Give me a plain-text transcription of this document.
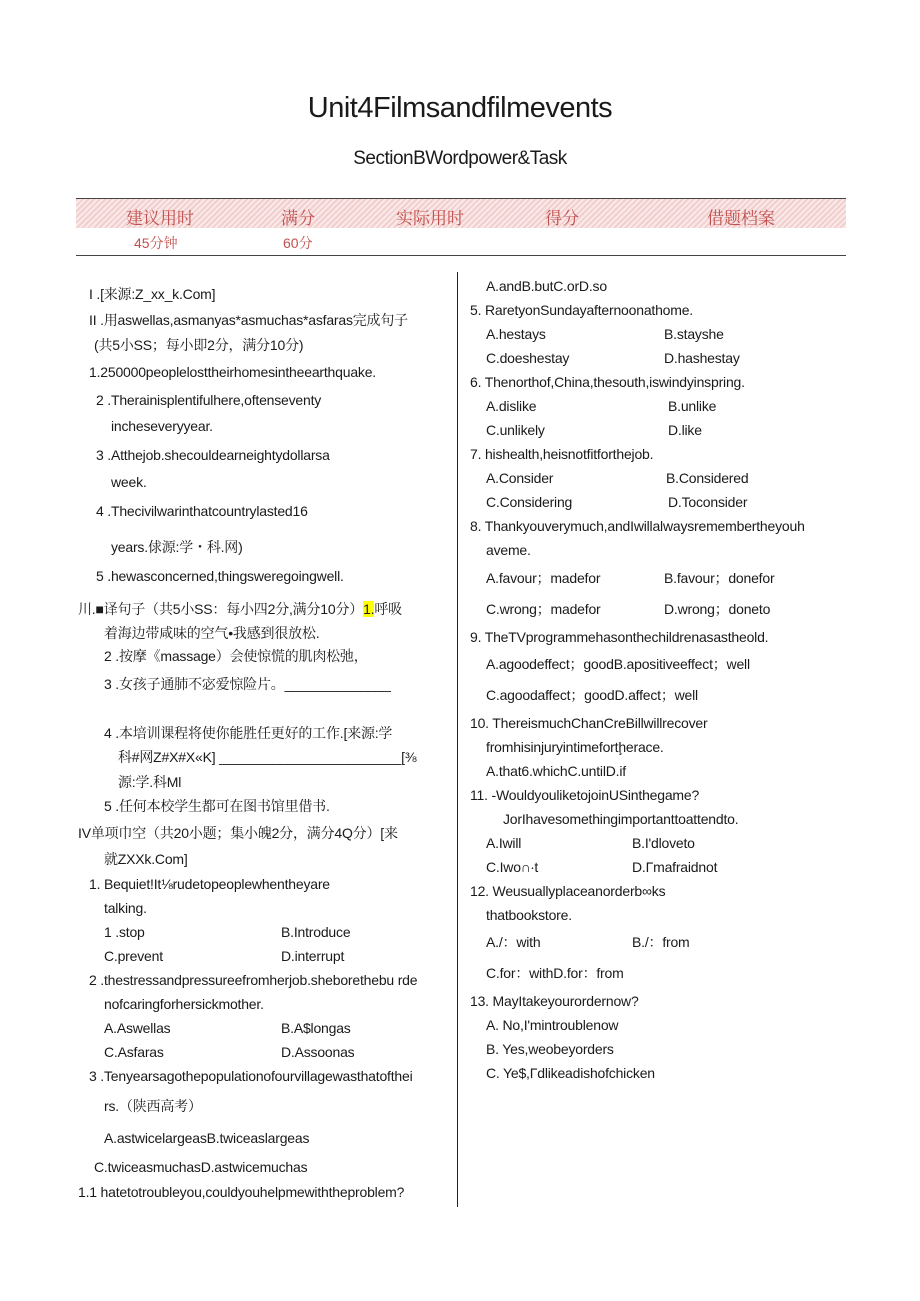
Unit4Filmsandfilmevents
SectionBWordpower&Task
建议用时	满分	实际用时	得分	借题档案
45分钟	60分
I .[来源:Z_xx_k.Com]
II .用aswellas,asmanyas*asmuchas*asfaras完成句子
(共5小SS；每小即2分，满分10分)
1.250000peoplelosttheirhomesintheearthquake.
2 .Therainisplentifulhere,oftenseventy
incheseveryyear.
3 .Atthejob.shecouldearneightydollarsa
week.
4 .Thecivilwarinthatcountrylasted16
years.俅源:学・科.网)
5 .hewasconcerned,thingsweregoingwell.
川.■译句子（共5小SS：每小四2分,满分10分）1.呼吸
着海边带咸味的空气•我感到很放松.
2 .按摩《massage）会使惊慌的肌肉松弛，
3 .女孩子通肺不宓爱惊险片。______________
4 .本培训课程将使你能胜任更好的工作.[来源:学
科#网Z#X#X«K] ________________________[⅜
源:学.科Ml
5 .任何本校学生都可在图书馆里借书.
IV单项巾空（共20小题；集小魄2分，满分4Q分）[来
就ZXXk.Com]
1. Bequiet!It⅛rudetopeoplewhentheyare
talking.
1 .stop	B.Introduce
C.prevent	D.interrupt
2 .thestressandpressureefromherjob.sheborethebu rde
nofcaringforhersickmother.
A.Aswellas	B.A$longas
C.Asfaras	D.Assoonas
3 .Tenyearsagothepopulationofourvillagewasthatofthei
rs.（陕西高考）
A.astwicelargeasB.twiceaslargeas
C.twiceasmuchasD.astwicemuchas
1.1 hatetotroubleyou,couldyouhelpmewiththeproblem?
A.andB.butC.orD.so
5. RaretyonSundayafternoonathome.
A.hestays	B.stayshe
C.doeshestay	D.hashestay
6. Thenorthof,China,thesouth,iswindyinspring.
A.dislike	B.unlike
C.unlikely	D.like
7. hishealth,heisnotfitforthejob.
A.Consider	B.Considered
C.Considering	D.Toconsider
8. Thankyouverymuch,andIwillalwaysremembertheyouh
aveme.
A.favour；madefor	B.favour；donefor
C.wrong；madefor	D.wrong；doneto
9. TheTVprogrammehasonthechildrenasastheold.
A.agoodeffect；goodB.apositiveeffect；well
C.agoodaffect；goodD.affect；well
10. ThereismuchChanCreBillwillrecover
fromhisinjuryintimefortḩerace.
A.that6.whichC.untilD.if
11. -WouldyouliketojoinUSinthegame?
JorIhavesomethingimportanttoattendto.
A.Iwill	B.I'dloveto
C.Iwo∩∙t	D.Γmafraidnot
12. Weusuallyplaceanorderb∞ks
thatbookstore.
A./：with	B./：from
C.for：withD.for：from
13. MayItakeyourordernow?
A. No,I'mintroublenow
B. Yes,weobeyorders
C. Ye$,Γdlikeadishofchicken
